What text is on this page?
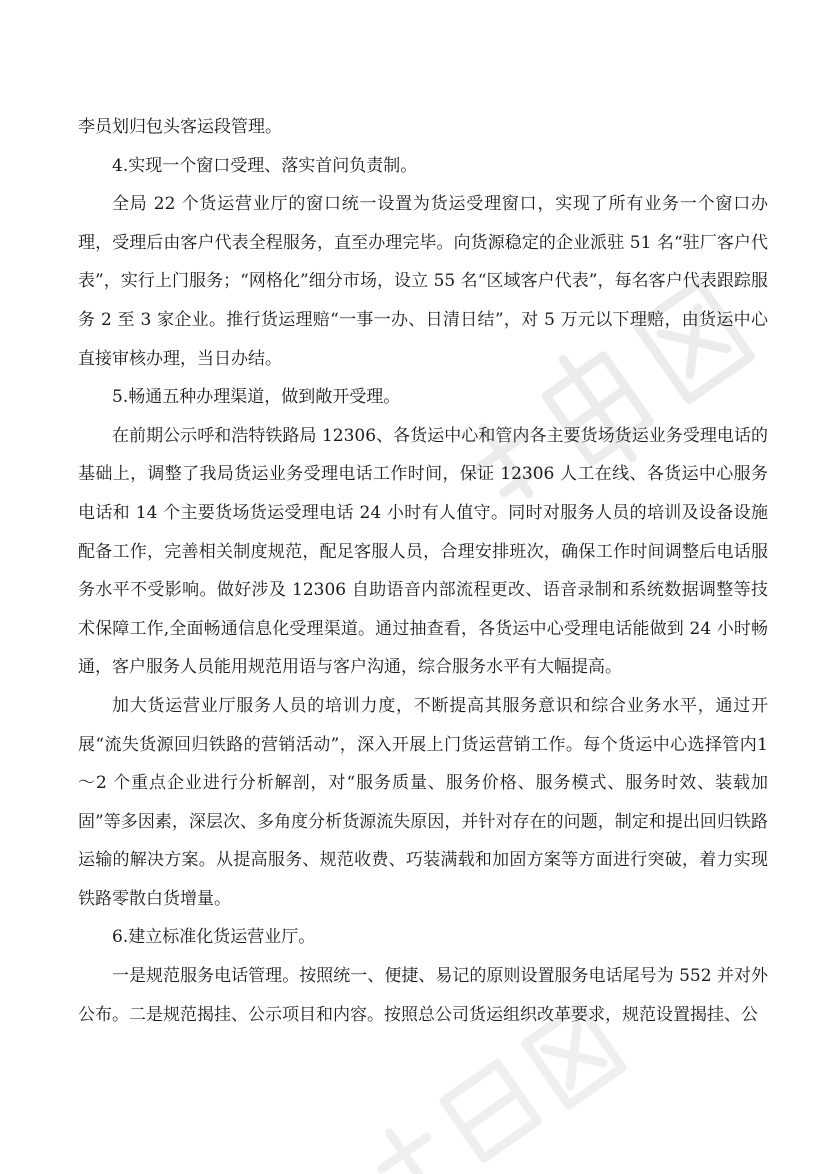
李员划归包头客运段管理。

4.实现一个窗口受理、落实首问负责制。

全局 22 个货运营业厅的窗口统一设置为货运受理窗口，实现了所有业务一个窗口办理，受理后由客户代表全程服务，直至办理完毕。向货源稳定的企业派驻 51 名“驻厂客户代表”，实行上门服务；“网格化”细分市场，设立 55 名“区域客户代表”，每名客户代表跟踪服务 2 至 3 家企业。推行货运理赔“一事一办、日清日结”，对 5 万元以下理赔，由货运中心直接审核办理，当日办结。

5.畅通五种办理渠道，做到敞开受理。

在前期公示呼和浩特铁路局 12306、各货运中心和管内各主要货场货运业务受理电话的基础上，调整了我局货运业务受理电话工作时间，保证 12306 人工在线、各货运中心服务电话和 14 个主要货场货运受理电话 24 小时有人值守。同时对服务人员的培训及设备设施配备工作，完善相关制度规范，配足客服人员，合理安排班次，确保工作时间调整后电话服务水平不受影响。做好涉及 12306 自助语音内部流程更改、语音录制和系统数据调整等技术保障工作,全面畅通信息化受理渠道。通过抽查看，各货运中心受理电话能做到 24 小时畅通，客户服务人员能用规范用语与客户沟通，综合服务水平有大幅提高。

加大货运营业厅服务人员的培训力度，不断提高其服务意识和综合业务水平，通过开展“流失货源回归铁路的营销活动”，深入开展上门货运营销工作。每个货运中心选择管内1～2 个重点企业进行分析解剖，对“服务质量、服务价格、服务模式、服务时效、装载加固”等多因素，深层次、多角度分析货源流失原因，并针对存在的问题，制定和提出回归铁路运输的解决方案。从提高服务、规范收费、巧装满载和加固方案等方面进行突破，着力实现铁路零散白货增量。

6.建立标准化货运营业厅。

一是规范服务电话管理。按照统一、便捷、易记的原则设置服务电话尾号为 552 并对外公布。二是规范揭挂、公示项目和内容。按照总公司货运组织改革要求，规范设置揭挂、公
